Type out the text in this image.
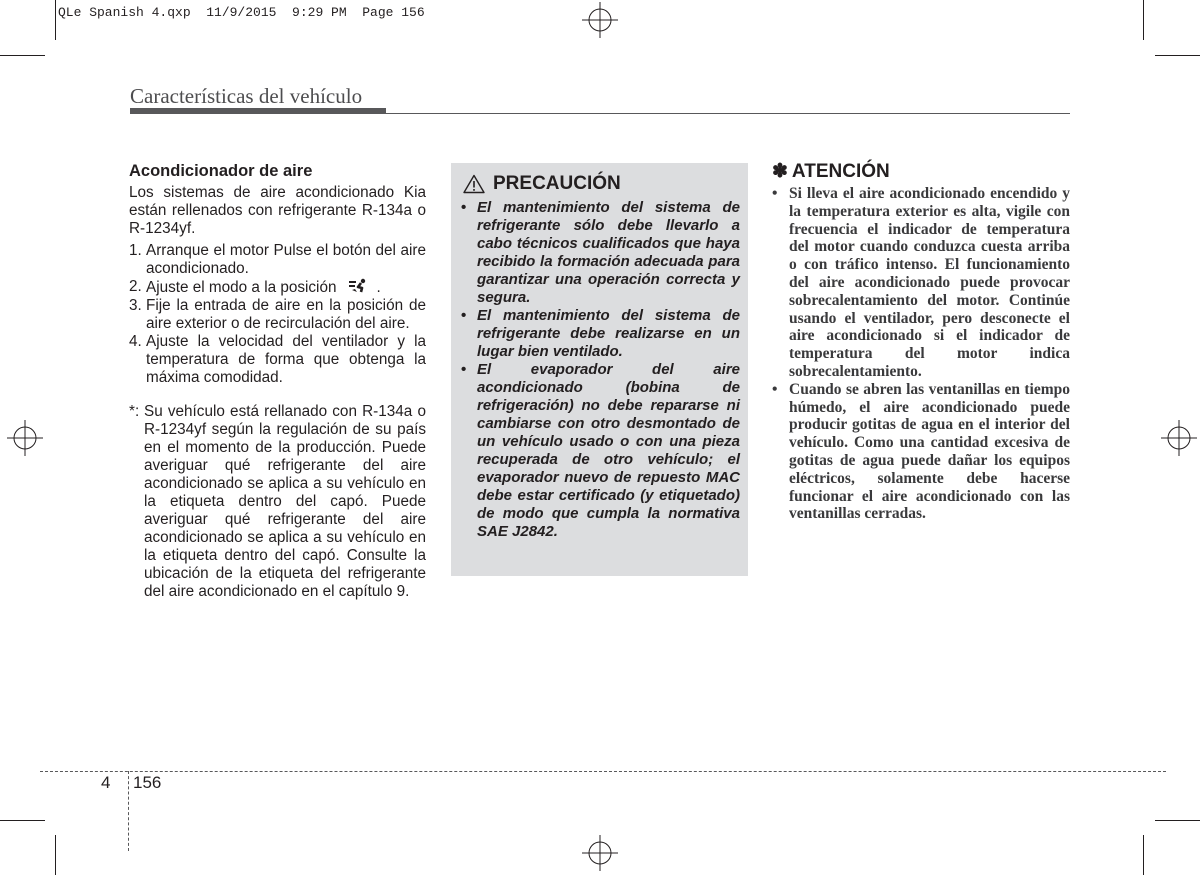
QLe Spanish 4.qxp  11/9/2015  9:29 PM  Page 156
Características del vehículo
Acondicionador de aire

Los sistemas de aire acondicionado Kia están rellenados con refrigerante R-134a o R-1234yf.

1. Arranque el motor Pulse el botón del aire acondicionado.
2. Ajuste el modo a la posición	.
3. Fije la entrada de aire en la posición de aire exterior o de recirculación del aire.
4. Ajuste la velocidad del ventilador y la temperatura de forma que obtenga la máxima comodidad.
*: Su vehículo está rellanado con R-134a o R-1234yf según la regulación de su país en el momento de la producción. Puede averiguar qué refrigerante del aire acondicionado se aplica a su vehículo en la etiqueta dentro del capó. Puede averiguar qué refrigerante del aire acondicionado se aplica a su vehículo en la etiqueta dentro del capó. Consulte la ubicación de la etiqueta del refrigerante del aire acondicionado en el capítulo 9.
PRECAUCIÓN
• El mantenimiento del sistema de refrigerante sólo debe llevarlo a cabo técnicos cualificados que haya recibido la formación adecuada para garantizar una operación correcta y segura.
• El mantenimiento del sistema de refrigerante debe realizarse en un lugar bien ventilado.
• El evaporador del aire acondicionado (bobina de refrigeración) no debe repararse ni cambiarse con otro desmontado de un vehículo usado o con una pieza recuperada de otro vehículo; el evaporador nuevo de repuesto MAC debe estar certificado (y etiquetado) de modo que cumpla la normativa SAE J2842.
✽ ATENCIÓN
• Si lleva el aire acondicionado encendido y la temperatura exterior es alta, vigile con frecuencia el indicador de temperatura del motor cuando conduzca cuesta arriba o con tráfico intenso. El funcionamiento del aire acondicionado puede provocar sobrecalentamiento del motor. Continúe usando el ventilador, pero desconecte el aire acondicionado si el indicador de temperatura del motor indica sobrecalentamiento.
• Cuando se abren las ventanillas en tiempo húmedo, el aire acondicionado puede producir gotitas de agua en el interior del vehículo. Como una cantidad excesiva de gotitas de agua puede dañar los equipos eléctricos, solamente debe hacerse funcionar el aire acondicionado con las ventanillas cerradas.
4 156
